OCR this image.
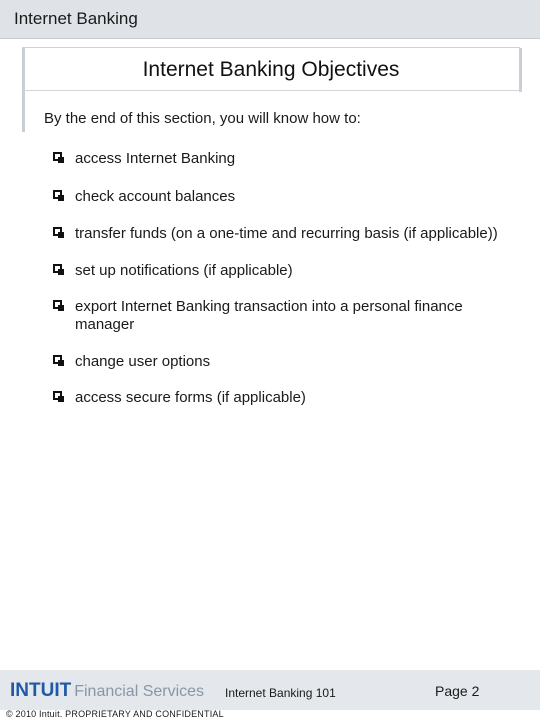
Internet Banking
Internet Banking Objectives
By the end of this section, you will know how to:
access Internet Banking
check account balances
transfer funds (on a one-time and recurring basis (if applicable))
set up notifications (if applicable)
export Internet Banking transaction into a personal finance manager
change user options
access secure forms (if applicable)
INTUIT Financial Services Internet Banking 101	Page 2
© 2010 Intuit. PROPRIETARY AND CONFIDENTIAL
